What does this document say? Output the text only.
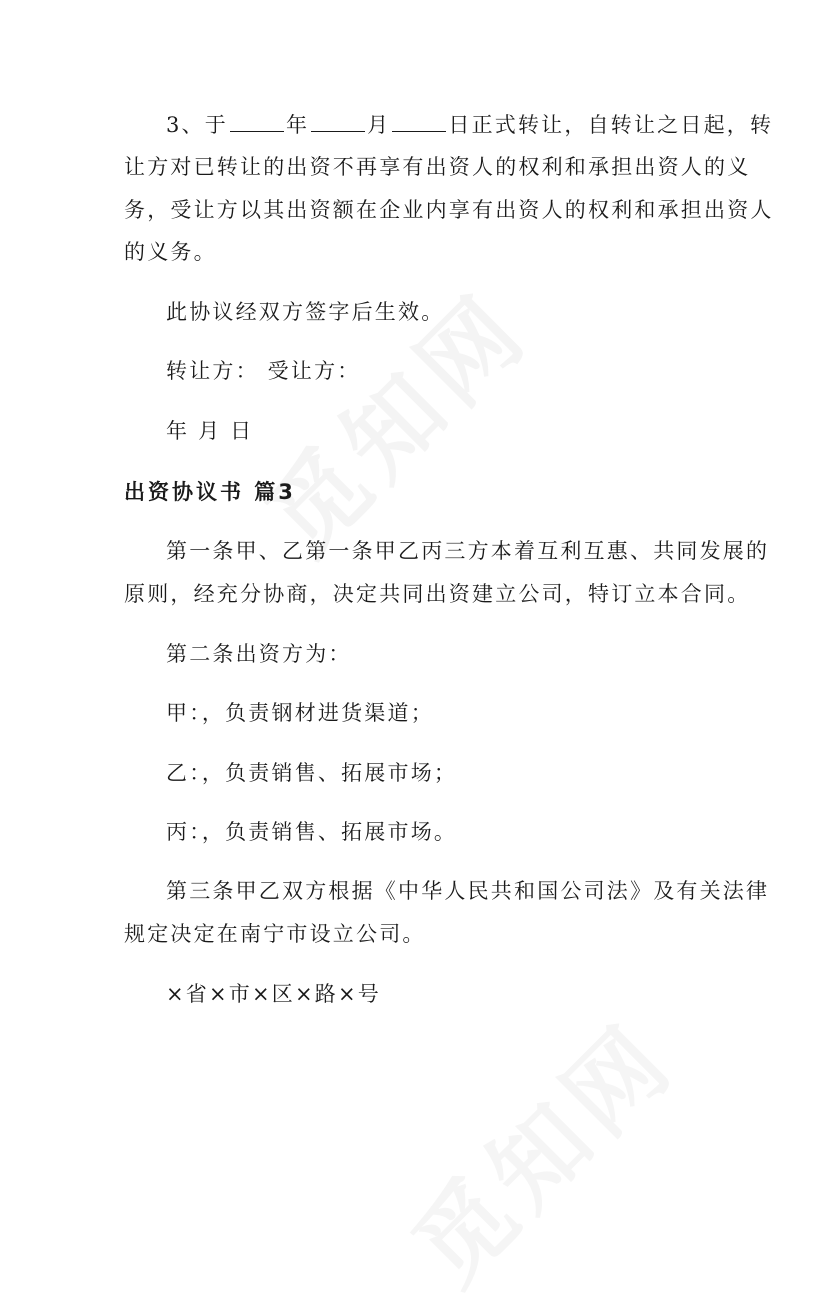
3、于	年	月	日正式转让，自转让之日起，转
让方对已转让的出资不再享有出资人的权利和承担出资人的义
务，受让方以其出资额在企业内享有出资人的权利和承担出资人
的义务。
此协议经双方签字后生效。
转让方： 受让方：
年 月 日
出资协议书 篇3
第一条甲、乙第一条甲乙丙三方本着互利互惠、共同发展的
原则，经充分协商，决定共同出资建立公司，特订立本合同。
第二条出资方为：
甲：，负责钢材进货渠道；
乙：，负责销售、拓展市场；
丙：，负责销售、拓展市场。
第三条甲乙双方根据《中华人民共和国公司法》及有关法律
规定决定在南宁市设立公司。
×省×市×区×路×号
